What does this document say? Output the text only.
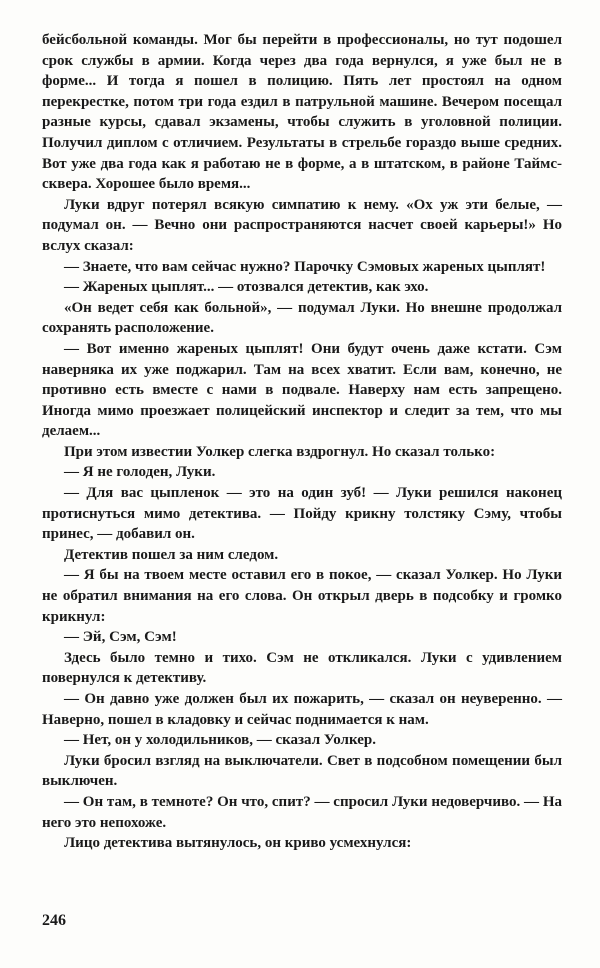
бейсбольной команды. Мог бы перейти в профессионалы, но тут подошел срок службы в армии. Когда через два года вернулся, я уже был не в форме... И тогда я пошел в полицию. Пять лет простоял на одном перекрестке, потом три года ездил в патрульной машине. Вечером посещал разные курсы, сдавал экзамены, чтобы служить в уголовной полиции. Получил диплом с отличием. Результаты в стрельбе гораздо выше средних. Вот уже два года как я работаю не в форме, а в штатском, в районе Таймс-сквера. Хорошее было время...

Луки вдруг потерял всякую симпатию к нему. «Ох уж эти белые, — подумал он. — Вечно они распространяются насчет своей карьеры!» Но вслух сказал:

— Знаете, что вам сейчас нужно? Парочку Сэмовых жареных цыплят!

— Жареных цыплят... — отозвался детектив, как эхо.

«Он ведет себя как больной», — подумал Луки. Но внешне продолжал сохранять расположение.

— Вот именно жареных цыплят! Они будут очень даже кстати. Сэм наверняка их уже поджарил. Там на всех хватит. Если вам, конечно, не противно есть вместе с нами в подвале. Наверху нам есть запрещено. Иногда мимо проезжает полицейский инспектор и следит за тем, что мы делаем...

При этом известии Уолкер слегка вздрогнул. Но сказал только:

— Я не голоден, Луки.

— Для вас цыпленок — это на один зуб! — Луки решился наконец протиснуться мимо детектива. — Пойду крикну толстяку Сэму, чтобы принес, — добавил он.

Детектив пошел за ним следом.

— Я бы на твоем месте оставил его в покое, — сказал Уолкер. Но Луки не обратил внимания на его слова. Он открыл дверь в подсобку и громко крикнул:

— Эй, Сэм, Сэм!

Здесь было темно и тихо. Сэм не откликался. Луки с удивлением повернулся к детективу.

— Он давно уже должен был их пожарить, — сказал он неуверенно. — Наверно, пошел в кладовку и сейчас поднимается к нам.

— Нет, он у холодильников, — сказал Уолкер.

Луки бросил взгляд на выключатели. Свет в подсобном помещении был выключен.

— Он там, в темноте? Он что, спит? — спросил Луки недоверчиво. — На него это непохоже.

Лицо детектива вытянулось, он криво усмехнулся:

246
